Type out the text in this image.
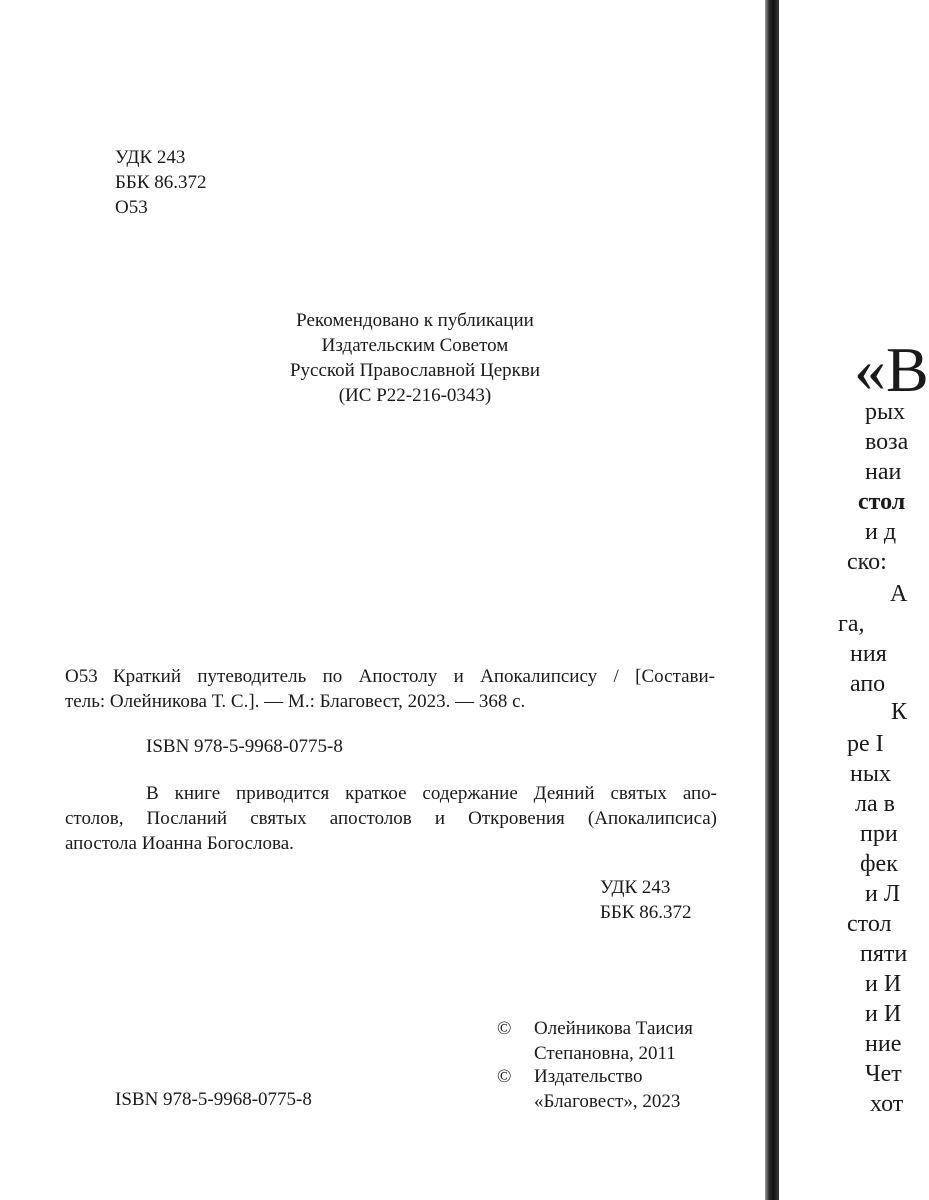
УДК 243
ББК 86.372
О53
Рекомендовано к публикации
Издательским Советом
Русской Православной Церкви
(ИС Р22-216-0343)
О53 Краткий путеводитель по Апостолу и Апокалипсису / [Состави-
тель: Олейникова Т. С.]. — М.: Благовест, 2023. — 368 с.
ISBN 978-5-9968-0775-8
В книге приводится краткое содержание Деяний святых апо-
столов, Посланий святых апостолов и Откровения (Апокалипсиса)
апостола Иоанна Богослова.
УДК 243
ББК 86.372
© Олейникова Таисия
Степановна, 2011
© Издательство
«Благовест», 2023
ISBN 978-5-9968-0775-8
«В
рых
воза
наи
стол
и д
ско:
А
га,
ния
апо
К
ре I
ных
ла в
при
фек
и Л
стол
пяти
и И
и И
ние
Чет
хот
